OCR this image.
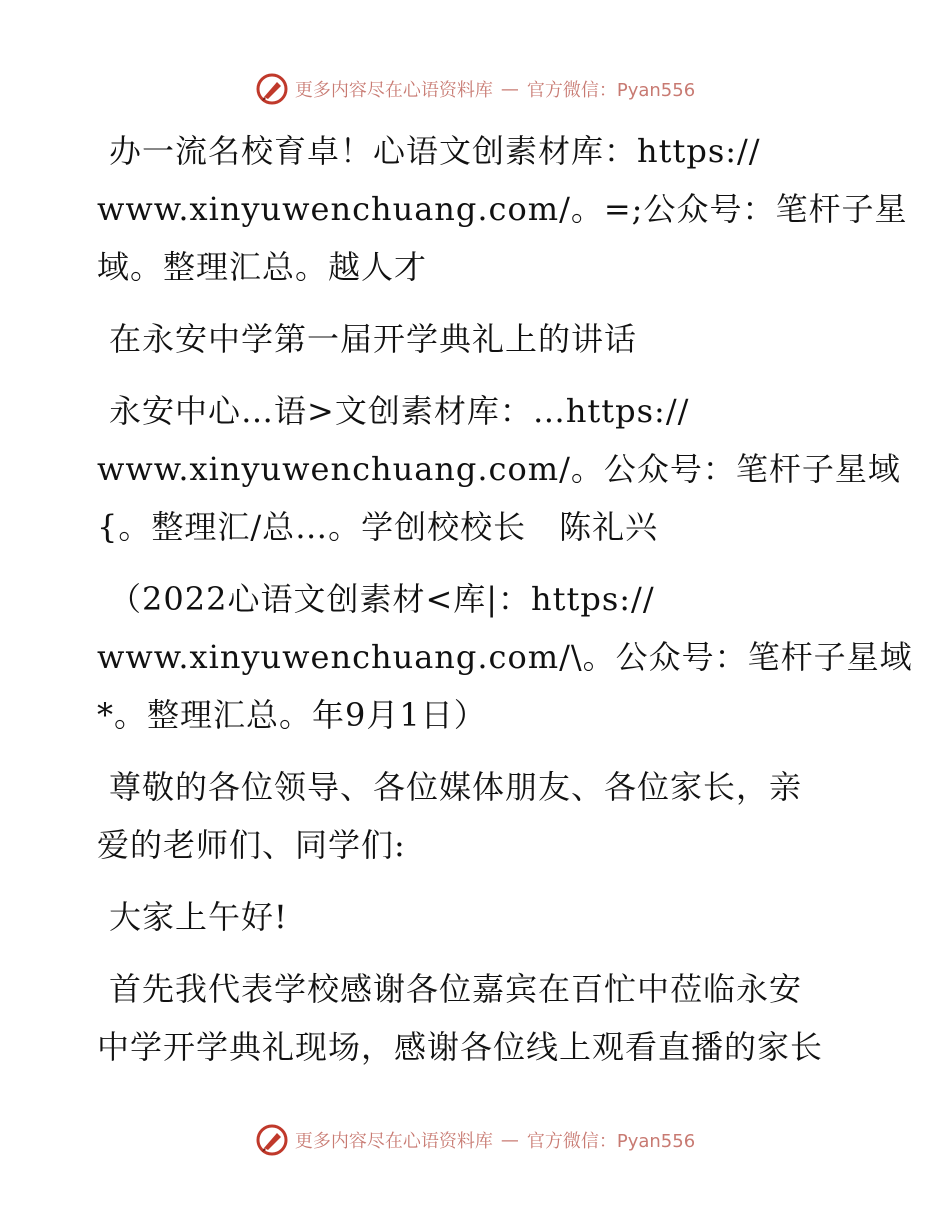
更多内容尽在心语资料库 — 官方微信：Pyan556

办一流名校育卓！心语文创素材库：https://
www.xinyuwenchuang.com/。=;公众号：笔杆子星
域。整理汇总。越人才

在永安中学第一届开学典礼上的讲话

永安中心…语>文创素材库：…https://
www.xinyuwenchuang.com/。公众号：笔杆子星域
{。整理汇/总…。学创校校长　陈礼兴

（2022心语文创素材<库|：https://
www.xinyuwenchuang.com/\。公众号：笔杆子星域
*。整理汇总。年9月1日）

尊敬的各位领导、各位媒体朋友、各位家长，亲
爱的老师们、同学们:

大家上午好!

首先我代表学校感谢各位嘉宾在百忙中莅临永安
中学开学典礼现场，感谢各位线上观看直播的家长

更多内容尽在心语资料库 — 官方微信：Pyan556
